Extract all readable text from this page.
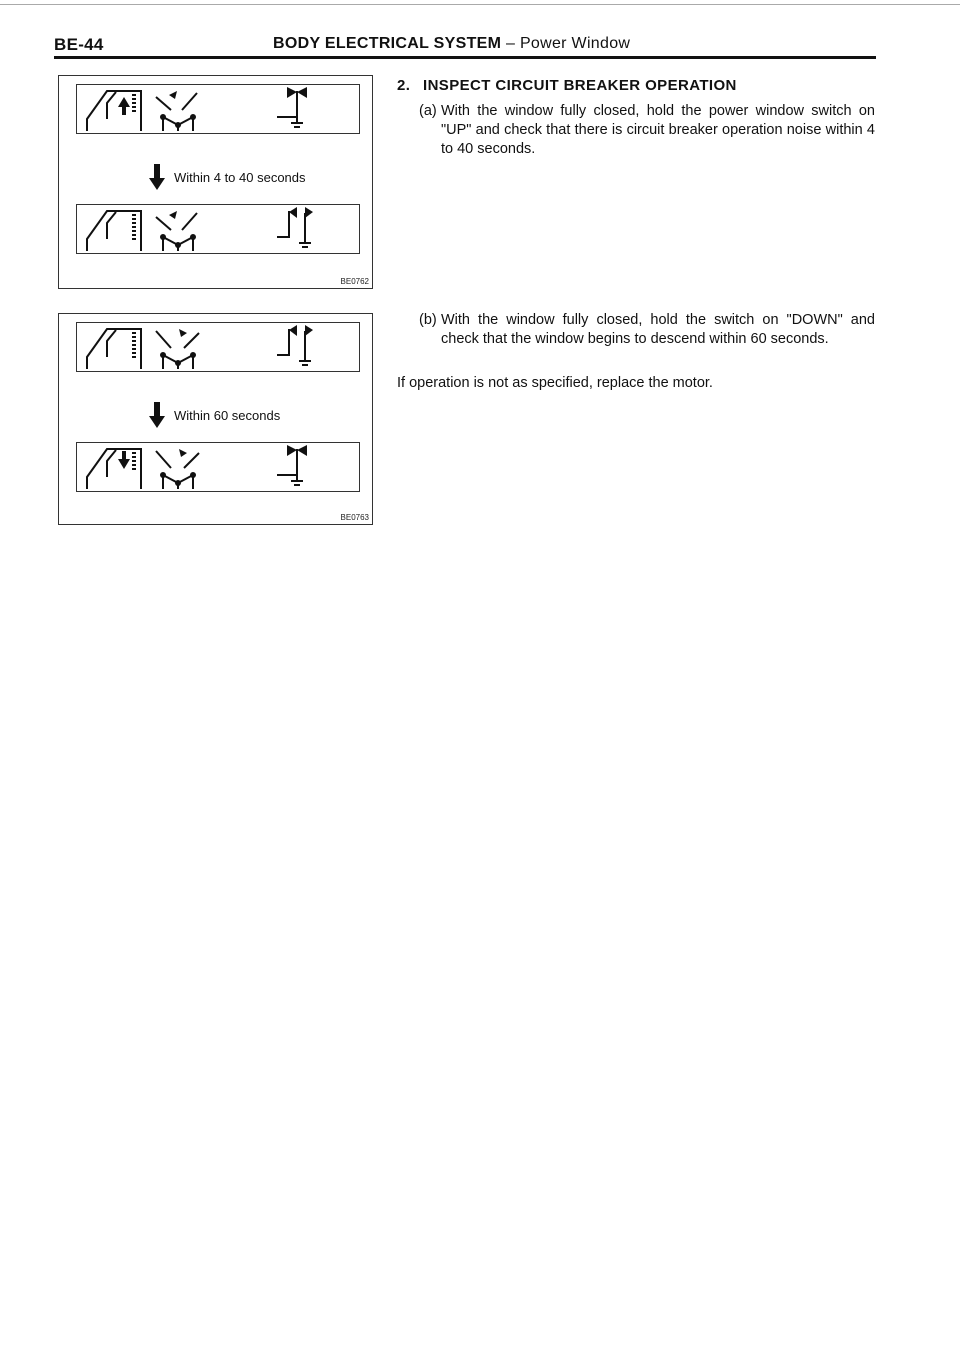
BE-44	BODY ELECTRICAL SYSTEM – Power Window
Within 4 to 40 seconds
BE0762
Within 60 seconds
BE0763
2. INSPECT CIRCUIT BREAKER OPERATION
(a) With the window fully closed, hold the power window switch on "UP" and check that there is circuit breaker operation noise within 4 to 40 seconds.
(b) With the window fully closed, hold the switch on "DOWN" and check that the window begins to descend within 60 seconds.
If operation is not as specified, replace the motor.
